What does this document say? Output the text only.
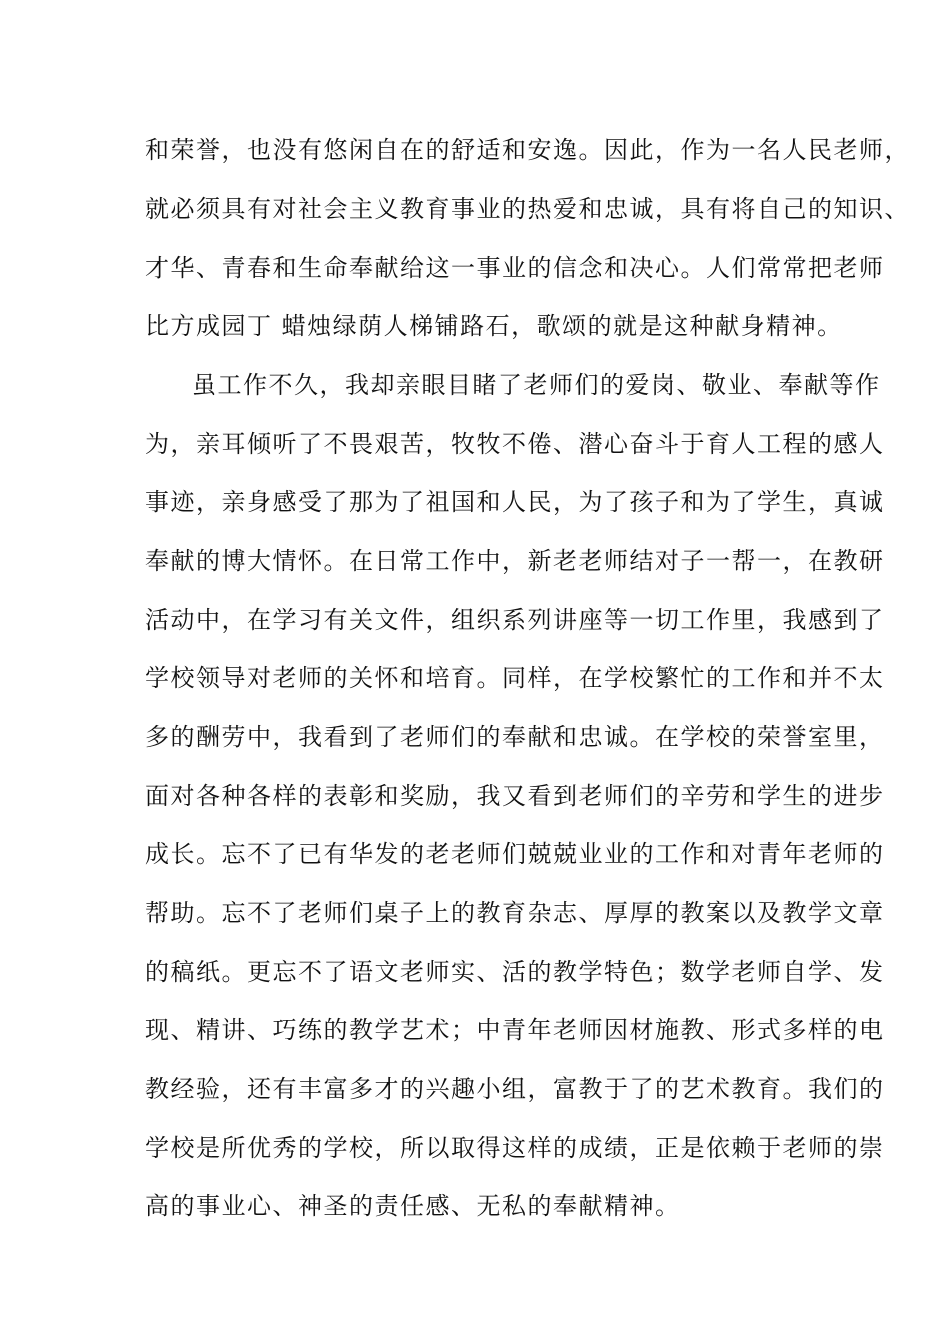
和荣誉，也没有悠闲自在的舒适和安逸。因此，作为一名人民老师，
就必须具有对社会主义教育事业的热爱和忠诚，具有将自己的知识、
才华、青春和生命奉献给这一事业的信念和决心。人们常常把老师
比方成园丁 蜡烛绿荫人梯铺路石，歌颂的就是这种献身精神。
虽工作不久，我却亲眼目睹了老师们的爱岗、敬业、奉献等作
为，亲耳倾听了不畏艰苦，牧牧不倦、潜心奋斗于育人工程的感人
事迹，亲身感受了那为了祖国和人民，为了孩子和为了学生，真诚
奉献的博大情怀。在日常工作中，新老老师结对子一帮一，在教研
活动中，在学习有关文件，组织系列讲座等一切工作里，我感到了
学校领导对老师的关怀和培育。同样，在学校繁忙的工作和并不太
多的酬劳中，我看到了老师们的奉献和忠诚。在学校的荣誉室里，
面对各种各样的表彰和奖励，我又看到老师们的辛劳和学生的进步
成长。忘不了已有华发的老老师们兢兢业业的工作和对青年老师的
帮助。忘不了老师们桌子上的教育杂志、厚厚的教案以及教学文章
的稿纸。更忘不了语文老师实、活的教学特色；数学老师自学、发
现、精讲、巧练的教学艺术；中青年老师因材施教、形式多样的电
教经验，还有丰富多才的兴趣小组，富教于了的艺术教育。我们的
学校是所优秀的学校，所以取得这样的成绩，正是依赖于老师的崇
高的事业心、神圣的责任感、无私的奉献精神。
